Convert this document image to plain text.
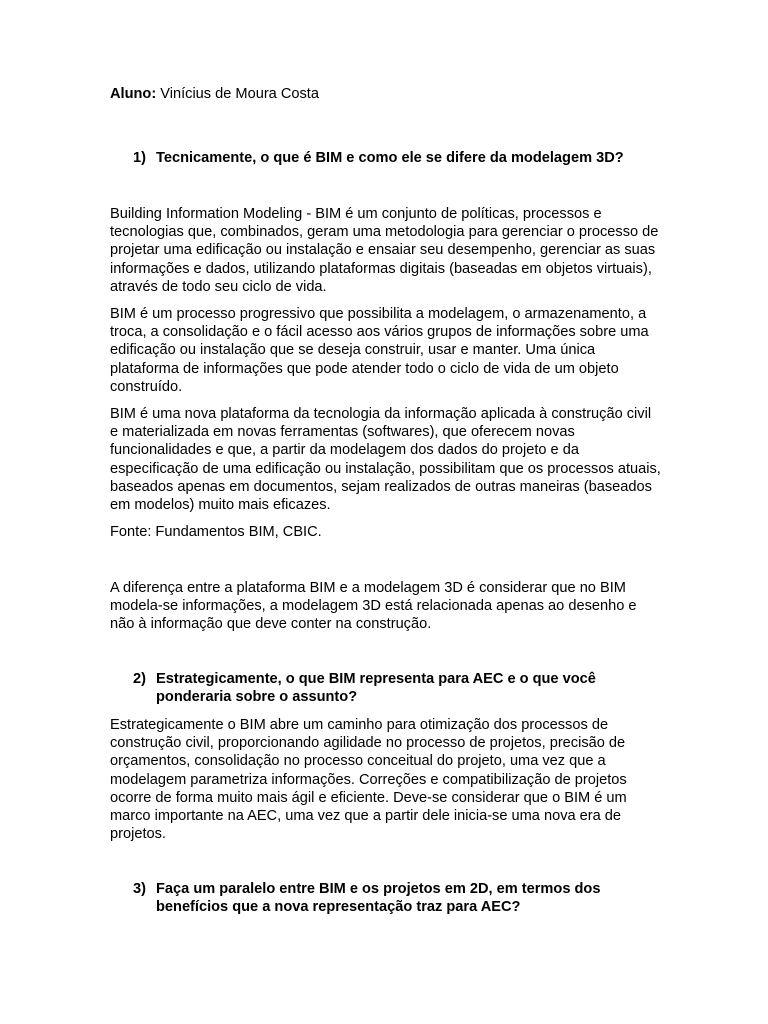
Aluno: Vinícius de Moura Costa

1) Tecnicamente, o que é BIM e como ele se difere da modelagem 3D?

Building Information Modeling - BIM é um conjunto de políticas, processos e tecnologias que, combinados, geram uma metodologia para gerenciar o processo de projetar uma edificação ou instalação e ensaiar seu desempenho, gerenciar as suas informações e dados, utilizando plataformas digitais (baseadas em objetos virtuais), através de todo seu ciclo de vida.

BIM é um processo progressivo que possibilita a modelagem, o armazenamento, a troca, a consolidação e o fácil acesso aos vários grupos de informações sobre uma edificação ou instalação que se deseja construir, usar e manter. Uma única plataforma de informações que pode atender todo o ciclo de vida de um objeto construído.

BIM é uma nova plataforma da tecnologia da informação aplicada à construção civil e materializada em novas ferramentas (softwares), que oferecem novas funcionalidades e que, a partir da modelagem dos dados do projeto e da especificação de uma edificação ou instalação, possibilitam que os processos atuais, baseados apenas em documentos, sejam realizados de outras maneiras (baseados em modelos) muito mais eficazes.

Fonte: Fundamentos BIM, CBIC.

A diferença entre a plataforma BIM e a modelagem 3D é considerar que no BIM modela-se informações, a modelagem 3D está relacionada apenas ao desenho e não à informação que deve conter na construção.

2) Estrategicamente, o que BIM representa para AEC e o que você ponderaria sobre o assunto?

Estrategicamente o BIM abre um caminho para otimização dos processos de construção civil, proporcionando agilidade no processo de projetos, precisão de orçamentos, consolidação no processo conceitual do projeto, uma vez que a modelagem parametriza informações. Correções e compatibilização de projetos ocorre de forma muito mais ágil e eficiente. Deve-se considerar que o BIM é um marco importante na AEC, uma vez que a partir dele inicia-se uma nova era de projetos.

3) Faça um paralelo entre BIM e os projetos em 2D, em termos dos benefícios que a nova representação traz para AEC?
